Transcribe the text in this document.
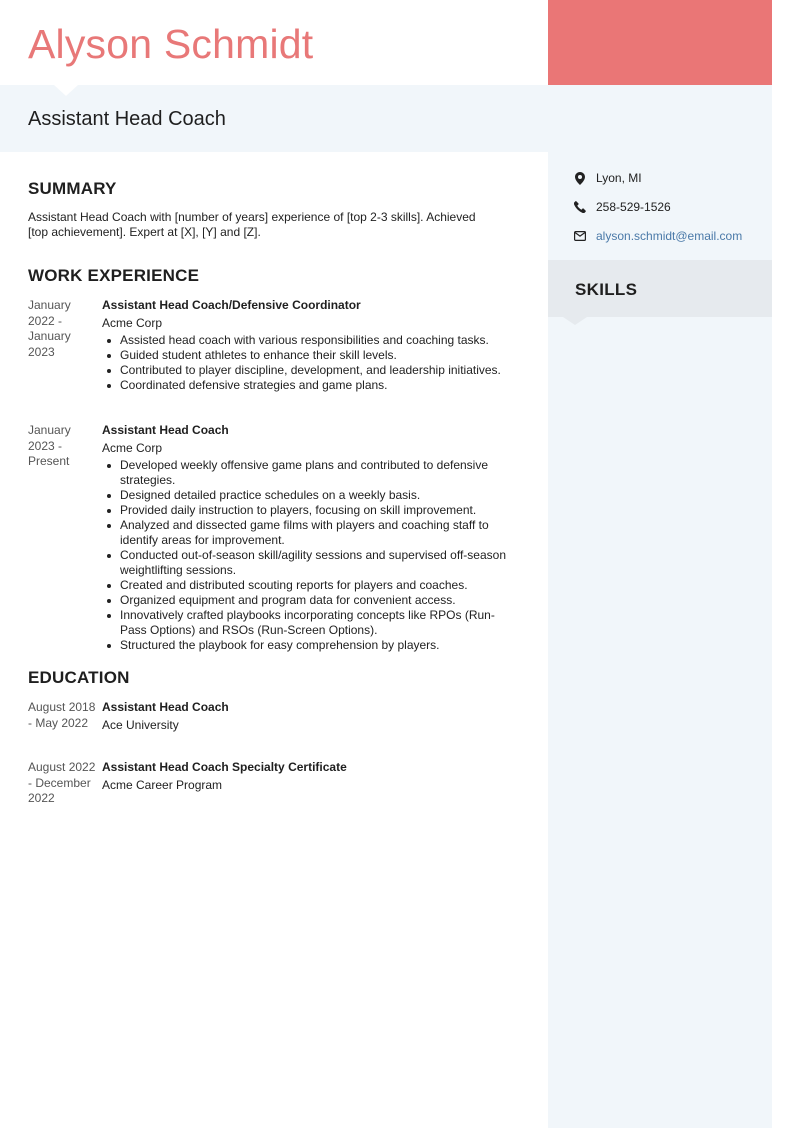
Alyson Schmidt
Assistant Head Coach
Lyon, MI
258-529-1526
alyson.schmidt@email.com
SKILLS
SUMMARY
Assistant Head Coach with [number of years] experience of [top 2-3 skills]. Achieved [top achievement]. Expert at [X], [Y] and [Z].
WORK EXPERIENCE
January 2022 - January 2023
Assistant Head Coach/Defensive Coordinator
Acme Corp
Assisted head coach with various responsibilities and coaching tasks.
Guided student athletes to enhance their skill levels.
Contributed to player discipline, development, and leadership initiatives.
Coordinated defensive strategies and game plans.
January 2023 - Present
Assistant Head Coach
Acme Corp
Developed weekly offensive game plans and contributed to defensive strategies.
Designed detailed practice schedules on a weekly basis.
Provided daily instruction to players, focusing on skill improvement.
Analyzed and dissected game films with players and coaching staff to identify areas for improvement.
Conducted out-of-season skill/agility sessions and supervised off-season weightlifting sessions.
Created and distributed scouting reports for players and coaches.
Organized equipment and program data for convenient access.
Innovatively crafted playbooks incorporating concepts like RPOs (Run-Pass Options) and RSOs (Run-Screen Options).
Structured the playbook for easy comprehension by players.
EDUCATION
August 2018 - May 2022
Assistant Head Coach
Ace University
August 2022 - December 2022
Assistant Head Coach Specialty Certificate
Acme Career Program
